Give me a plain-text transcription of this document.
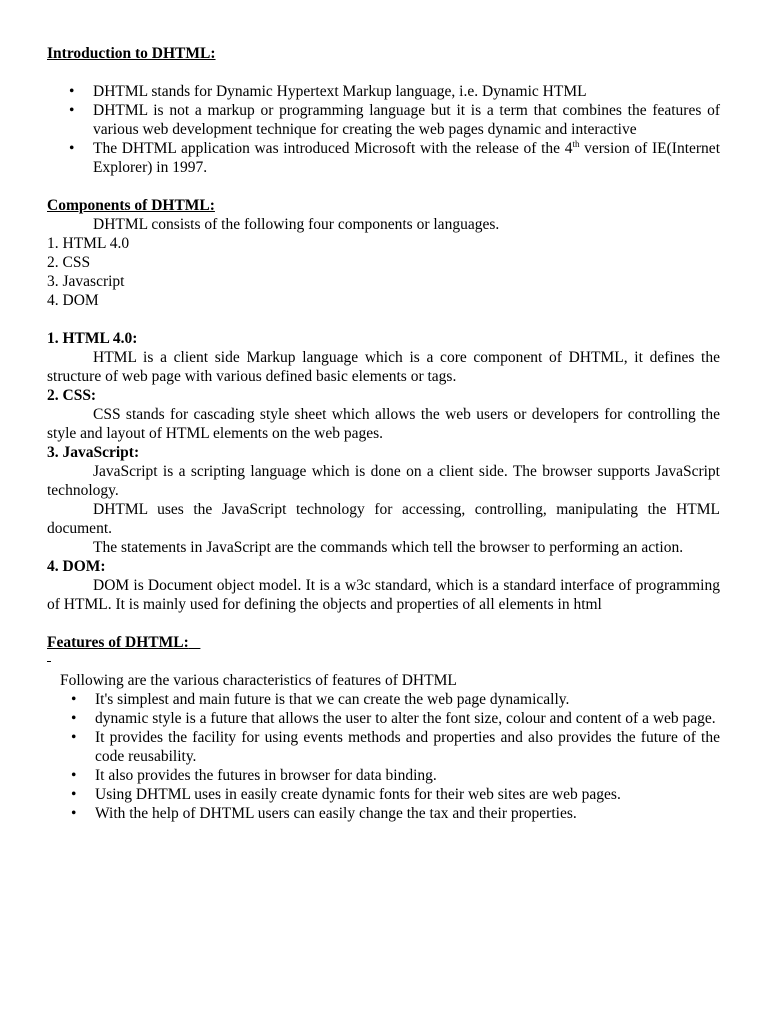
Introduction to DHTML:

• DHTML stands for Dynamic Hypertext Markup language, i.e. Dynamic HTML
• DHTML is not a markup or programming language but it is a term that combines the features of various web development technique for creating the web pages dynamic and interactive
• The DHTML application was introduced Microsoft with the release of the 4th version of IE(Internet Explorer) in 1997.

Components of DHTML:

DHTML consists of the following four components or languages.
1. HTML 4.0
2. CSS
3. Javascript
4. DOM
1. HTML 4.0:
HTML is a client side Markup language which is a core component of DHTML, it defines the structure of web page with various defined basic elements or tags.
2. CSS:
CSS stands for cascading style sheet which allows the web users or developers for controlling the style and layout of HTML elements on the web pages.
3. JavaScript:
JavaScript is a scripting language which is done on a client side. The browser supports JavaScript technology.
DHTML uses the JavaScript technology for accessing, controlling, manipulating the HTML document.
The statements in JavaScript are the commands which tell the browser to performing an action.
4. DOM:
DOM is Document object model. It is a w3c standard, which is a standard interface of programming of HTML. It is mainly used for defining the objects and properties of all elements in html

Features of DHTML:

Following are the various characteristics of features of DHTML
• It's simplest and main future is that we can create the web page dynamically.
• dynamic style is a future that allows the user to alter the font size, colour and content of a web page.
• It provides the facility for using events methods and properties and also provides the future of the code reusability.
• It also provides the futures in browser for data binding.
• Using DHTML uses in easily create dynamic fonts for their web sites are web pages.
• With the help of DHTML users can easily change the tax and their properties.
